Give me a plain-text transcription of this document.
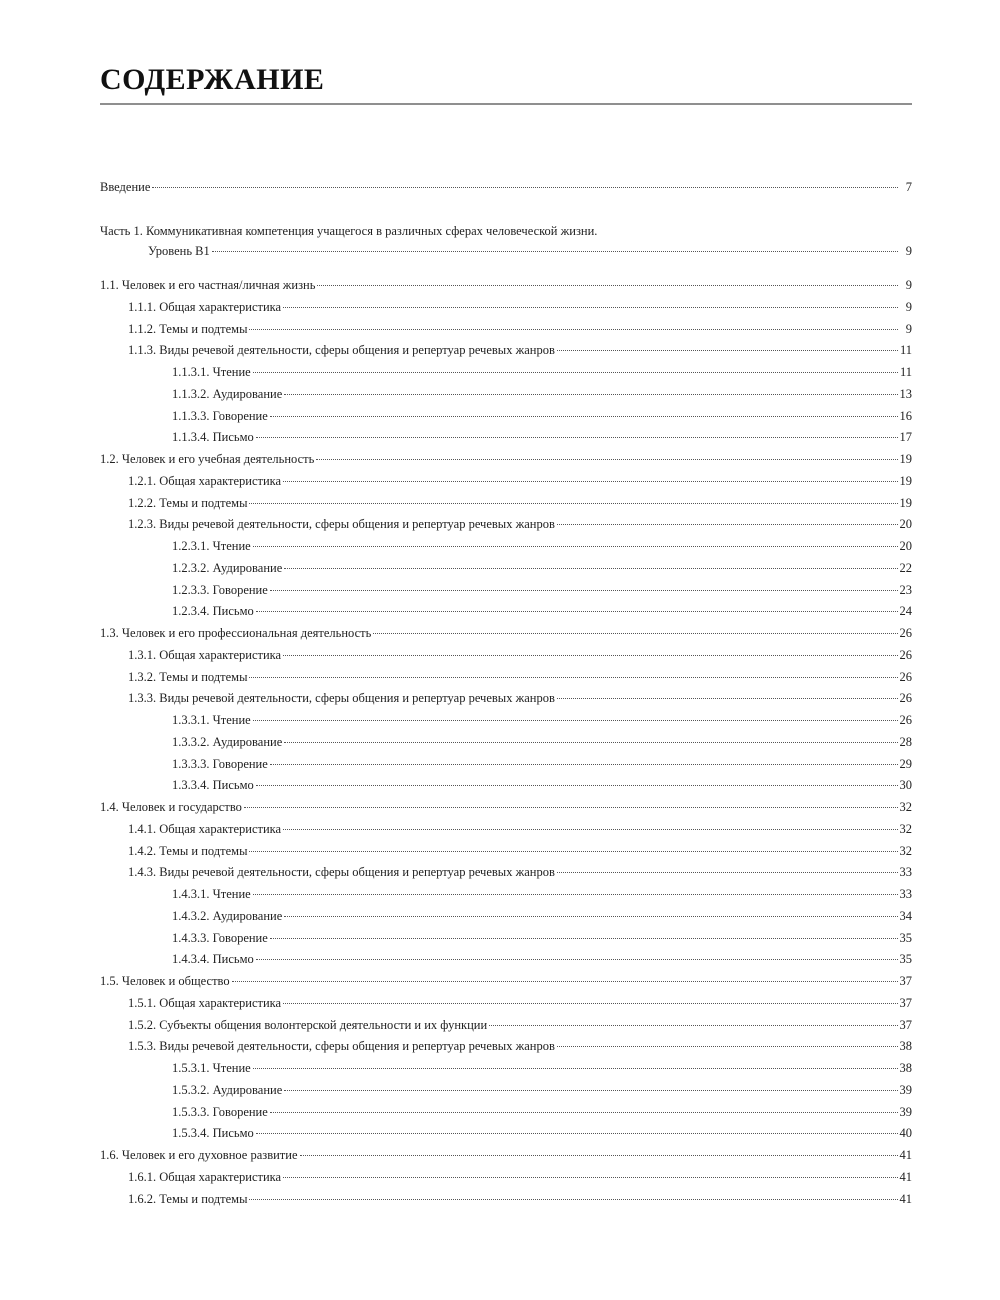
СОДЕРЖАНИЕ
Введение	7
Часть 1. Коммуникативная компетенция учащегося в различных сферах человеческой жизни.
Уровень В1	9
1.1. Человек и его частная/личная жизнь	9
1.1.1. Общая характеристика	9
1.1.2. Темы и подтемы	9
1.1.3. Виды речевой деятельности, сферы общения и репертуар речевых жанров	11
1.1.3.1. Чтение	11
1.1.3.2. Аудирование	13
1.1.3.3. Говорение	16
1.1.3.4. Письмо	17
1.2. Человек и его учебная деятельность	19
1.2.1. Общая характеристика	19
1.2.2. Темы и подтемы	19
1.2.3. Виды речевой деятельности, сферы общения и репертуар речевых жанров	20
1.2.3.1. Чтение	20
1.2.3.2. Аудирование	22
1.2.3.3. Говорение	23
1.2.3.4. Письмо	24
1.3. Человек и его профессиональная деятельность	26
1.3.1. Общая характеристика	26
1.3.2. Темы и подтемы	26
1.3.3. Виды речевой деятельности, сферы общения и репертуар речевых жанров	26
1.3.3.1. Чтение	26
1.3.3.2. Аудирование	28
1.3.3.3. Говорение	29
1.3.3.4. Письмо	30
1.4. Человек и государство	32
1.4.1. Общая характеристика	32
1.4.2. Темы и подтемы	32
1.4.3. Виды речевой деятельности, сферы общения и репертуар речевых жанров	33
1.4.3.1. Чтение	33
1.4.3.2. Аудирование	34
1.4.3.3. Говорение	35
1.4.3.4. Письмо	35
1.5. Человек и общество	37
1.5.1. Общая характеристика	37
1.5.2. Субъекты общения волонтерской деятельности и их функции	37
1.5.3. Виды речевой деятельности, сферы общения и репертуар речевых жанров	38
1.5.3.1. Чтение	38
1.5.3.2. Аудирование	39
1.5.3.3. Говорение	39
1.5.3.4. Письмо	40
1.6. Человек и его духовное развитие	41
1.6.1. Общая характеристика	41
1.6.2. Темы и подтемы	41
